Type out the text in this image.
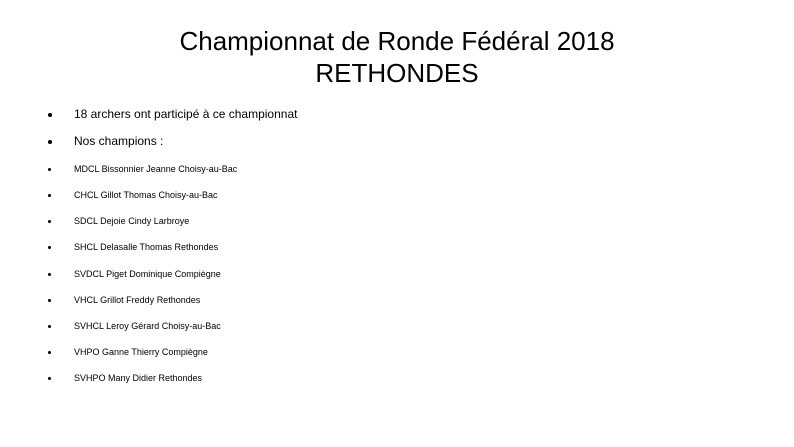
Championnat de Ronde Fédéral 2018
RETHONDES
18 archers ont participé à ce championnat
Nos champions :
MDCL Bissonnier Jeanne Choisy-au-Bac
CHCL Gillot Thomas Choisy-au-Bac
SDCL Dejoie Cindy Larbroye
SHCL Delasalle Thomas Rethondes
SVDCL Piget Dominique Compiègne
VHCL Grillot Freddy Rethondes
SVHCL Leroy Gérard Choisy-au-Bac
VHPO Ganne Thierry Compiègne
SVHPO Many Didier Rethondes
